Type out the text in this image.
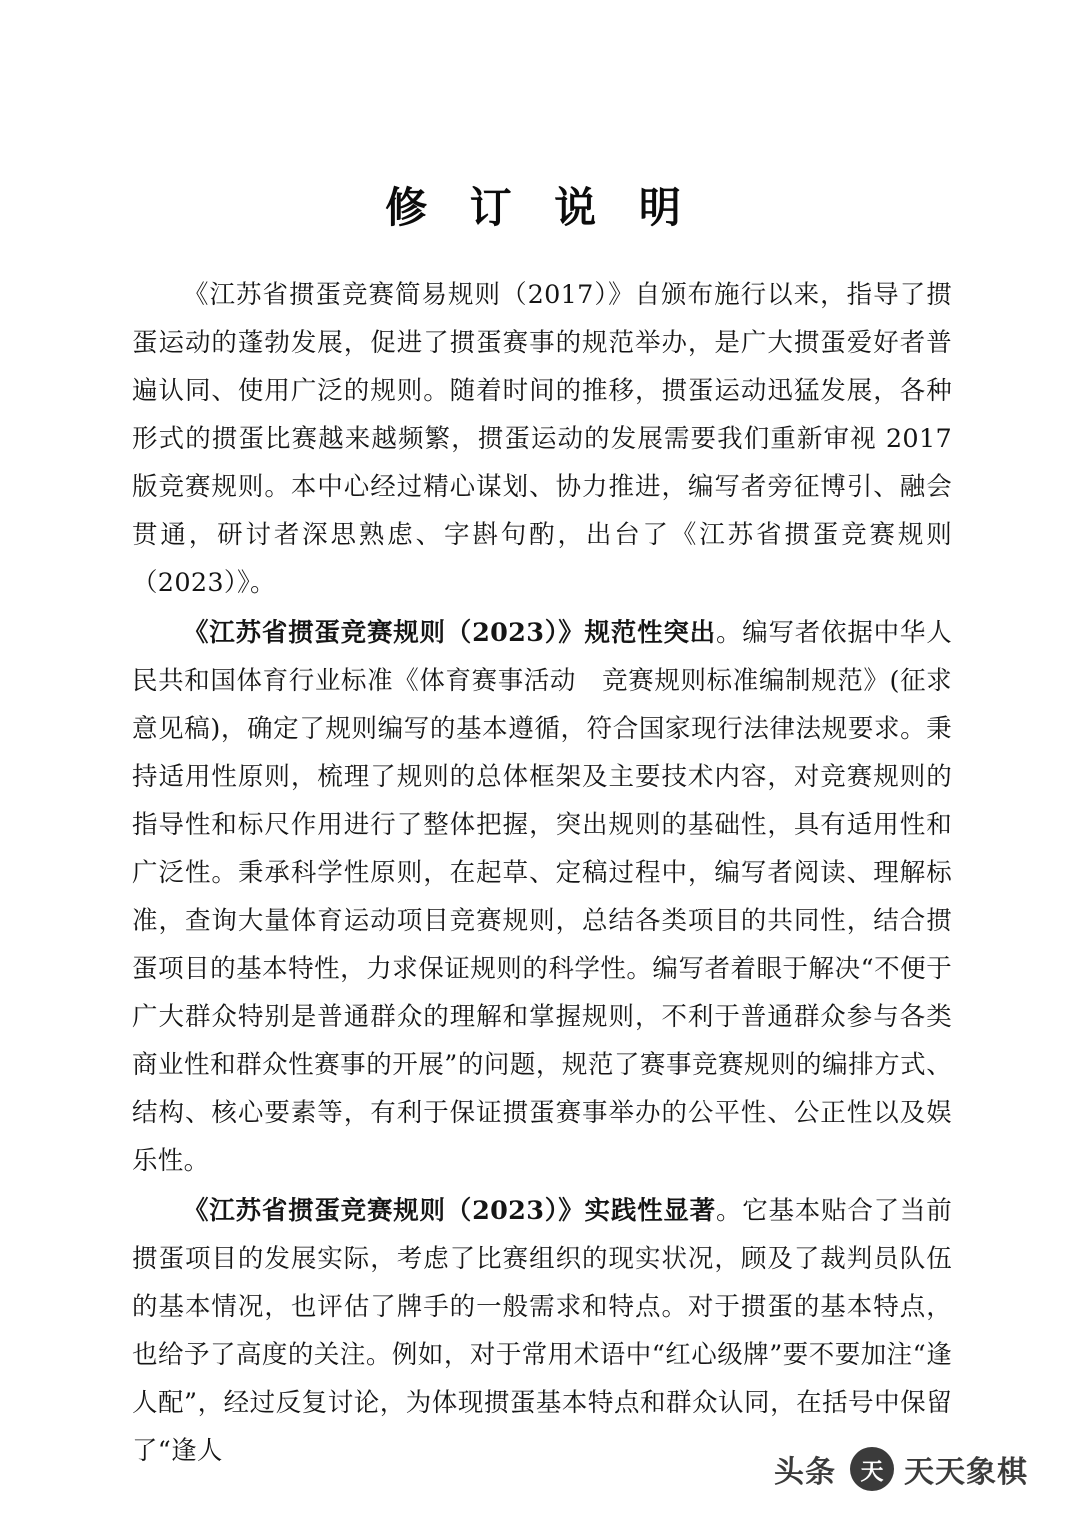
修 订 说 明

《江苏省掼蛋竞赛简易规则（2017）》自颁布施行以来，指导了掼蛋运动的蓬勃发展，促进了掼蛋赛事的规范举办，是广大掼蛋爱好者普遍认同、使用广泛的规则。随着时间的推移，掼蛋运动迅猛发展，各种形式的掼蛋比赛越来越频繁，掼蛋运动的发展需要我们重新审视 2017 版竞赛规则。本中心经过精心谋划、协力推进，编写者旁征博引、融会贯通，研讨者深思熟虑、字斟句酌，出台了《江苏省掼蛋竞赛规则（2023）》。

《江苏省掼蛋竞赛规则（2023）》规范性突出。编写者依据中华人民共和国体育行业标准《体育赛事活动　竞赛规则标准编制规范》(征求意见稿)，确定了规则编写的基本遵循，符合国家现行法律法规要求。秉持适用性原则，梳理了规则的总体框架及主要技术内容，对竞赛规则的指导性和标尺作用进行了整体把握，突出规则的基础性，具有适用性和广泛性。秉承科学性原则，在起草、定稿过程中，编写者阅读、理解标准，查询大量体育运动项目竞赛规则，总结各类项目的共同性，结合掼蛋项目的基本特性，力求保证规则的科学性。编写者着眼于解决“不便于广大群众特别是普通群众的理解和掌握规则，不利于普通群众参与各类商业性和群众性赛事的开展”的问题，规范了赛事竞赛规则的编排方式、结构、核心要素等，有利于保证掼蛋赛事举办的公平性、公正性以及娱乐性。

《江苏省掼蛋竞赛规则（2023）》实践性显著。它基本贴合了当前掼蛋项目的发展实际，考虑了比赛组织的现实状况，顾及了裁判员队伍的基本情况，也评估了牌手的一般需求和特点。对于掼蛋的基本特点，也给予了高度的关注。例如，对于常用术语中“红心级牌”要不要加注“逢人配”，经过反复讨论，为体现掼蛋基本特点和群众认同，在括号中保留了“逢人

头条	天 天天象棋
